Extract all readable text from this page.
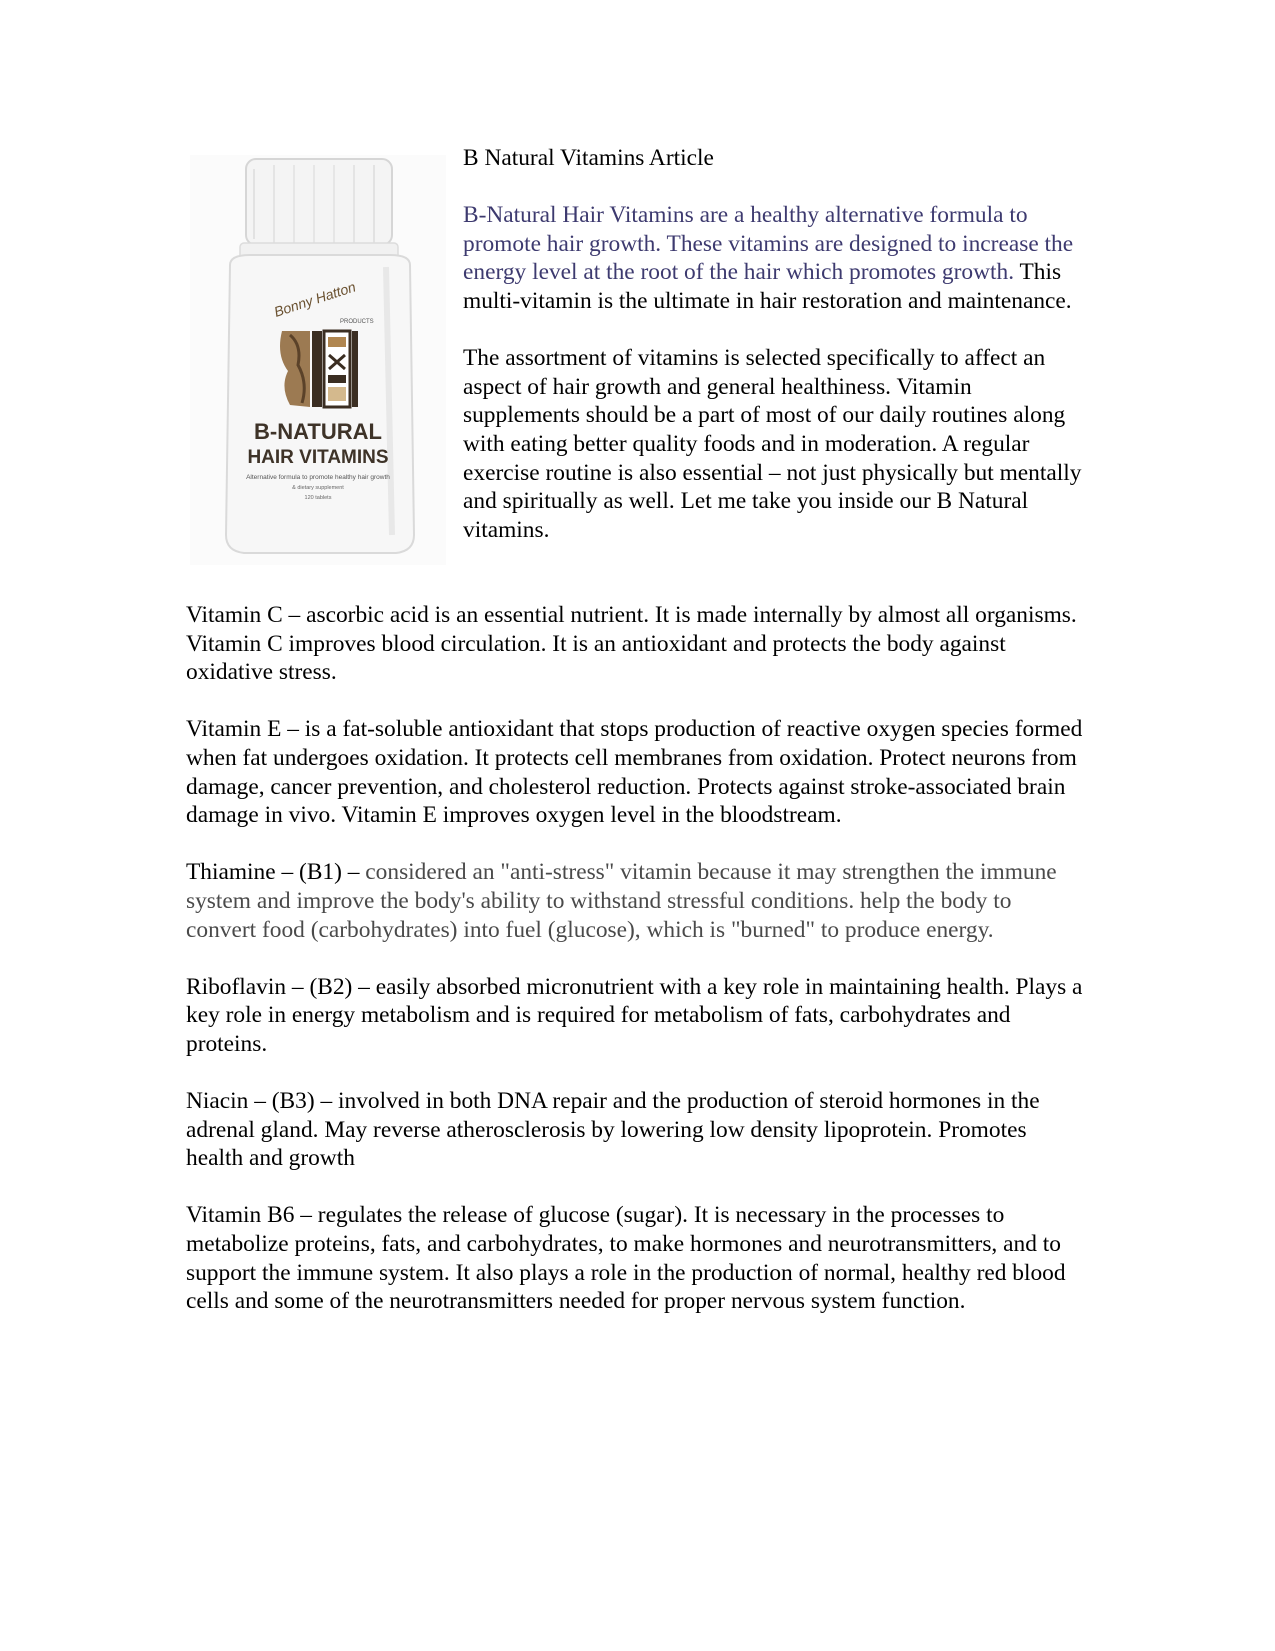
Bonny Hatton
PRODUCTS
B-NATURAL
HAIR VITAMINS
Alternative formula to promote healthy hair growth
& dietary supplement
120 tablets

B Natural Vitamins Article

B-Natural Hair Vitamins are a healthy alternative formula to promote hair growth. These vitamins are designed to increase the energy level at the root of the hair which promotes growth. This multi-vitamin is the ultimate in hair restoration and maintenance.

The assortment of vitamins is selected specifically to affect an aspect of hair growth and general healthiness. Vitamin supplements should be a part of most of our daily routines along with eating better quality foods and in moderation. A regular exercise routine is also essential – not just physically but mentally and spiritually as well. Let me take you inside our B Natural vitamins.

Vitamin C – ascorbic acid is an essential nutrient. It is made internally by almost all organisms. Vitamin C improves blood circulation. It is an antioxidant and protects the body against oxidative stress.

Vitamin E – is a fat-soluble antioxidant that stops production of reactive oxygen species formed when fat undergoes oxidation. It protects cell membranes from oxidation. Protect neurons from damage, cancer prevention, and cholesterol reduction. Protects against stroke-associated brain damage in vivo. Vitamin E improves oxygen level in the bloodstream.

Thiamine – (B1) – considered an "anti-stress" vitamin because it may strengthen the immune system and improve the body's ability to withstand stressful conditions. help the body to convert food (carbohydrates) into fuel (glucose), which is "burned" to produce energy.

Riboflavin – (B2) – easily absorbed micronutrient with a key role in maintaining health. Plays a key role in energy metabolism and is required for metabolism of fats, carbohydrates and proteins.

Niacin – (B3) – involved in both DNA repair and the production of steroid hormones in the adrenal gland. May reverse atherosclerosis by lowering low density lipoprotein. Promotes health and growth

Vitamin B6 – regulates the release of glucose (sugar). It is necessary in the processes to metabolize proteins, fats, and carbohydrates, to make hormones and neurotransmitters, and to support the immune system. It also plays a role in the production of normal, healthy red blood cells and some of the neurotransmitters needed for proper nervous system function.
